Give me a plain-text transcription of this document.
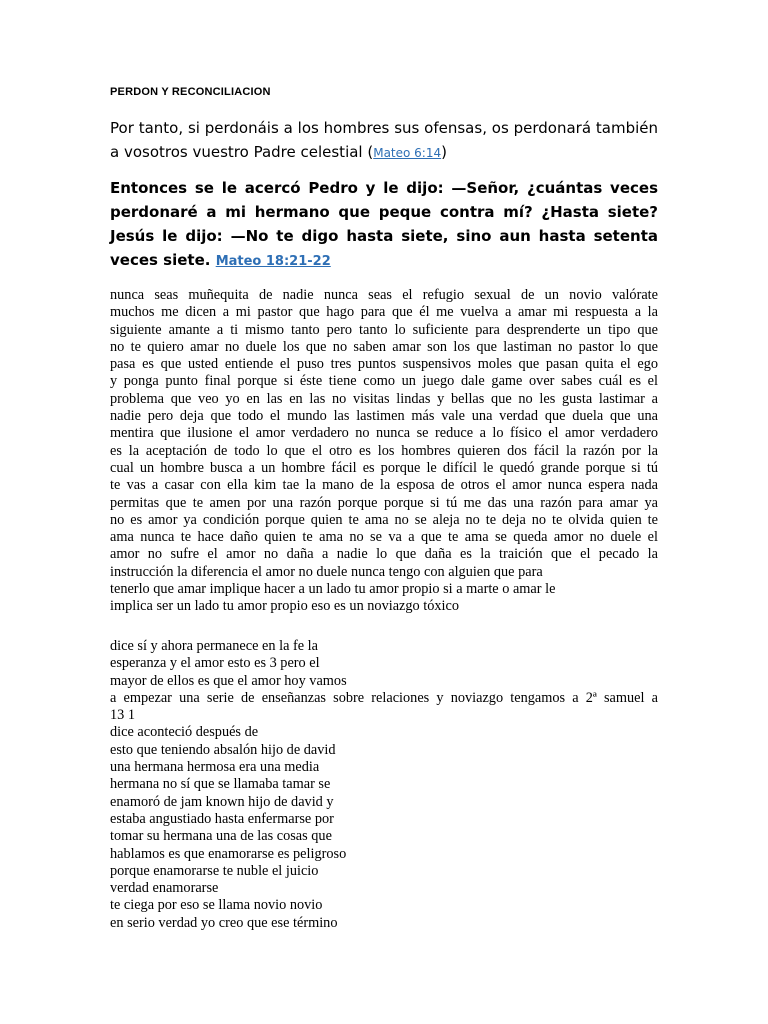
PERDON Y RECONCILIACION
Por tanto, si perdonáis a los hombres sus ofensas, os perdonará también a vosotros vuestro Padre celestial (Mateo 6:14)
Entonces se le acercó Pedro y le dijo: —Señor, ¿cuántas veces perdonaré a mi hermano que peque contra mí? ¿Hasta siete? Jesús le dijo: —No te digo hasta siete, sino aun hasta setenta veces siete. Mateo 18:21-22
nunca seas muñequita de nadie nunca seas el refugio sexual de un novio valórate
muchos me dicen a mi pastor que hago para que él me vuelva a amar mi respuesta a la
siguiente amante a ti mismo tanto pero tanto lo suficiente para desprenderte un tipo que
no te quiero amar no duele los que no saben amar son los que lastiman no pastor lo que
pasa es que usted entiende el puso tres puntos suspensivos moles que pasan quita el ego
y ponga punto final porque si éste tiene como un juego dale game over sabes cuál es el
problema que veo yo en las en las no visitas lindas y bellas que no les gusta lastimar a
nadie pero deja que todo el mundo las lastimen más vale una verdad que duela que una
mentira que ilusione el amor verdadero no nunca se reduce a lo físico el amor verdadero
es la aceptación de todo lo que el otro es los hombres quieren dos fácil la razón por la
cual un hombre busca a un hombre fácil es porque le difícil le quedó grande porque si tú
te vas a casar con ella kim tae la mano de la esposa de otros el amor nunca espera nada
permitas que te amen por una razón porque porque si tú me das una razón para amar ya
no es amor ya condición porque quien te ama no se aleja no te deja no te olvida quien te
ama nunca te hace daño quien te ama no se va a que te ama se queda amor no duele el
amor no sufre el amor no daña a nadie lo que daña es la traición que el pecado la
instrucción la diferencia el amor no duele nunca tengo con alguien que para
tenerlo que amar implique hacer a un lado tu amor propio si a marte o amar le
implica ser un lado tu amor propio eso es un noviazgo tóxico
dice sí y ahora permanece en la fe la
esperanza y el amor esto es 3 pero el
mayor de ellos es que el amor hoy vamos
a empezar una serie de enseñanzas sobre relaciones y noviazgo tengamos a 2ª samuel a
13 1
dice aconteció después de
esto que teniendo absalón hijo de david
una hermana hermosa era una media
hermana no sí que se llamaba tamar se
enamoró de jam known hijo de david y
estaba angustiado hasta enfermarse por
tomar su hermana una de las cosas que
hablamos es que enamorarse es peligroso
porque enamorarse te nuble el juicio
verdad enamorarse
te ciega por eso se llama novio novio
en serio verdad yo creo que ese término
